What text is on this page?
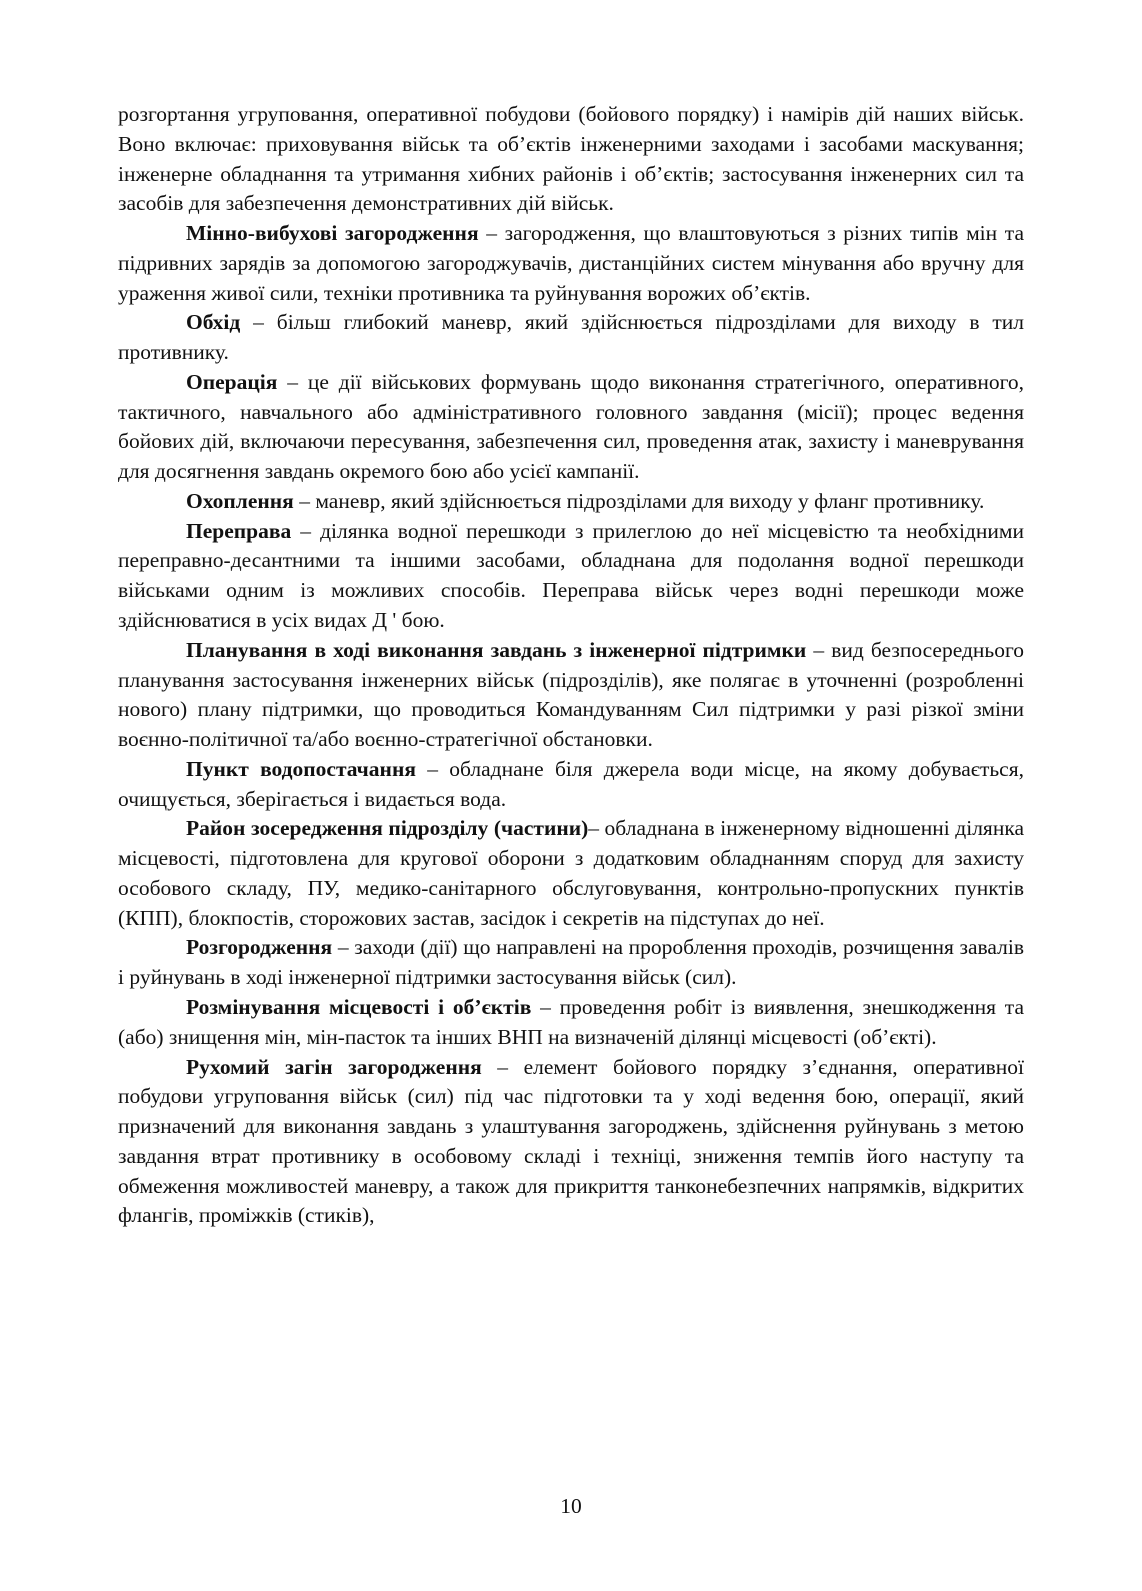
розгортання угруповання, оперативної побудови (бойового порядку) і намірів дій наших військ. Воно включає: приховування військ та об’єктів інженерними заходами і засобами маскування; інженерне обладнання та утримання хибних районів і об’єктів; застосування інженерних сил та засобів для забезпечення демонстративних дій військ.

Мінно-вибухові загородження – загородження, що влаштовуються з різних типів мін та підривних зарядів за допомогою загороджувачів, дистанційних систем мінування або вручну для ураження живої сили, техніки противника та руйнування ворожих об’єктів.

Обхід – більш глибокий маневр, який здійснюється підрозділами для виходу в тил противнику.

Операція – це дії військових формувань щодо виконання стратегічного, оперативного, тактичного, навчального або адміністративного головного завдання (місії); процес ведення бойових дій, включаючи пересування, забезпечення сил, проведення атак, захисту і маневрування для досягнення завдань окремого бою або усієї кампанії.

Охоплення – маневр, який здійснюється підрозділами для виходу у фланг противнику.

Переправа – ділянка водної перешкоди з прилеглою до неї місцевістю та необхідними переправно-десантними та іншими засобами, обладнана для подолання водної перешкоди військами одним із можливих способів. Переправа військ через водні перешкоди може здійснюватися в усіх видах Д ' бою.

Планування в ході виконання завдань з інженерної підтримки – вид безпосереднього планування застосування інженерних військ (підрозділів), яке полягає в уточненні (розробленні нового) плану підтримки, що проводиться Командуванням Сил підтримки у разі різкої зміни воєнно-політичної та/або воєнно-стратегічної обстановки.

Пункт водопостачання – обладнане біля джерела води місце, на якому добувається, очищується, зберігається і видається вода.

Район зосередження підрозділу (частини)– обладнана в інженерному відношенні ділянка місцевості, підготовлена для кругової оборони з додатковим обладнанням споруд для захисту особового складу, ПУ, медико-санітарного обслуговування, контрольно-пропускних пунктів (КПП), блокпостів, сторожових застав, засідок і секретів на підступах до неї.

Розгородження – заходи (дії) що направлені на пророблення проходів, розчищення завалів і руйнувань в ході інженерної підтримки застосування військ (сил).

Розмінування місцевості і об’єктів – проведення робіт із виявлення, знешкодження та (або) знищення мін, мін-пасток та інших ВНП на визначеній ділянці місцевості (об’єкті).

Рухомий загін загородження – елемент бойового порядку з’єднання, оперативної побудови угруповання військ (сил) під час підготовки та у ході ведення бою, операції, який призначений для виконання завдань з улаштування загороджень, здійснення руйнувань з метою завдання втрат противнику в особовому складі і техніці, зниження темпів його наступу та обмеження можливостей маневру, а також для прикриття танконебезпечних напрямків, відкритих флангів, проміжків (стиків),

10
